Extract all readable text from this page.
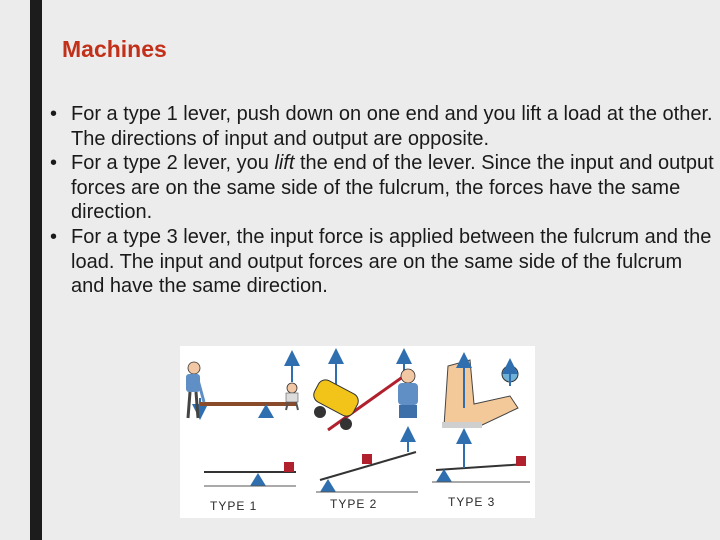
Machines
• For a type 1 lever, push down on one end and you lift a load at the other. The directions of input and output are opposite.
• For a type 2 lever, you lift the end of the lever. Since the input and output forces are on the same side of the fulcrum, the forces have the same direction.
• For a type 3 lever, the input force is applied between the fulcrum and the load. The input and output forces are on the same side of the fulcrum and have the same direction.
TYPE 1	TYPE 2	TYPE 3
